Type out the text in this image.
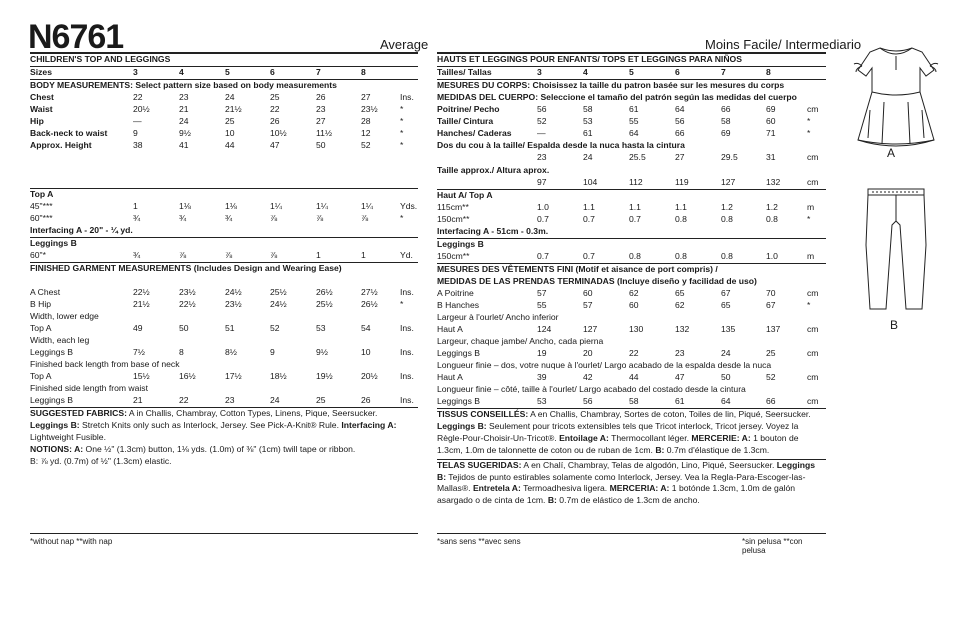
N6761	Average	Moins Facile/ Intermediario
CHILDREN'S TOP AND LEGGINGS
Sizes	3	4	5	6	7	8
BODY MEASUREMENTS: Select pattern size based on body measurements
Chest	22	23	24	25	26	27	Ins.
Waist	20½	21	21½	22	23	23½	*
Hip	—	24	25	26	27	28	*
Back-neck to waist	9	9½	10	10½	11½	12	*
Approx. Height	38	41	44	47	50	52	*
Top A
45"***	1	1⅛	1⅛	1¼	1¼	1¼	Yds.
60"***	¾	¾	¾	⅞	⅞	⅞	*
Interfacing A - 20" - ¼ yd.
Leggings B
60"*	¾	⅞	⅞	⅞	1	1	Yd.
FINISHED GARMENT MEASUREMENTS (Includes Design and Wearing Ease)
A Chest	22½	23½	24½	25½	26½	27½	Ins.
B Hip	21½	22½	23½	24½	25½	26½	*
Width, lower edge
Top A	49	50	51	52	53	54	Ins.
Width, each leg
Leggings B	7½	8	8½	9	9½	10	Ins.
Finished back length from base of neck
Top A	15½	16½	17½	18½	19½	20½	Ins.
Finished side length from waist
Leggings B	21	22	23	24	25	26	Ins.
SUGGESTED FABRICS: A in Challis, Chambray, Cotton Types, Linens, Pique, Seersucker.
Leggings B: Stretch Knits only such as Interlock, Jersey. See Pick-A-Knit® Rule. Interfacing A: Lightweight Fusible.
NOTIONS: A: One ½" (1.3cm) button, 1⅛ yds. (1.0m) of ⅜" (1cm) twill tape or ribbon.
B: ⅞ yd. (0.7m) of ½" (1.3cm) elastic.
*without nap **with nap
HAUTS ET LEGGINGS POUR ENFANTS/ TOPS ET LEGGINGS PARA NIÑOS
Tailles/ Tallas	3	4	5	6	7	8
MESURES DU CORPS: Choisissez la taille du patron basée sur les mesures du corps
MEDIDAS DEL CUERPO: Seleccione el tamaño del patrón según las medidas del cuerpo
Poitrine/ Pecho	56	58	61	64	66	69	cm
Taille/ Cintura	52	53	55	56	58	60	*
Hanches/ Caderas	—	61	64	66	69	71	*
Dos du cou à la taille/ Espalda desde la nuca hasta la cintura
23	24	25.5	27	29.5	31	cm
Taille approx./ Altura aprox.
97	104	112	119	127	132	cm
Haut A/ Top A
115cm**	1.0	1.1	1.1	1.1	1.2	1.2	m
150cm**	0.7	0.7	0.7	0.8	0.8	0.8	*
Interfacing A - 51cm - 0.3m.
Leggings B
150cm**	0.7	0.7	0.8	0.8	0.8	1.0	m
MESURES DES VÊTEMENTS FINI (Motif et aisance de port compris) /
MEDIDAS DE LAS PRENDAS TERMINADAS (Incluye diseño y facilidad de uso)
A Poitrine	57	60	62	65	67	70	cm
B Hanches	55	57	60	62	65	67	*
Largeur à l'ourlet/ Ancho inferior
Haut A	124	127	130	132	135	137	cm
Largeur, chaque jambe/ Ancho, cada pierna
Leggings B	19	20	22	23	24	25	cm
Longueur finie – dos, votre nuque à l'ourlet/ Largo acabado de la espalda desde la nuca
Haut A	39	42	44	47	50	52	cm
Longueur finie – côté, taille à l'ourlet/ Largo acabado del costado desde la cintura
Leggings B	53	56	58	61	64	66	cm
TISSUS CONSEILLÉS: A en Challis, Chambray, Sortes de coton, Toiles de lin, Piqué, Seersucker. Leggings B: Seulement pour tricots extensibles tels que Tricot interlock, Tricot jersey. Voyez la Règle-Pour-Choisir-Un-Tricot®. Entoilage A: Thermocollant léger. MERCERIE: A: 1 bouton de 1.3cm, 1.0m de talonnette de coton ou de ruban de 1cm. B: 0.7m d'élastique de 1.3cm.
TELAS SUGERIDAS: A en Chalí, Chambray, Telas de algodón, Lino, Piqué, Seersucker. Leggings B: Tejidos de punto estirables solamente como Interlock, Jersey. Vea la Regla-Para-Escoger-las-Mallas®. Entretela A: Termoadhesiva ligera. MERCERIA: A: 1 botónde 1.3cm, 1.0m de galón asargado o de cinta de 1cm. B: 0.7m de elástico de 1.3cm de ancho.
*sans sens **avec sens	*sin pelusa **con pelusa
A
B
